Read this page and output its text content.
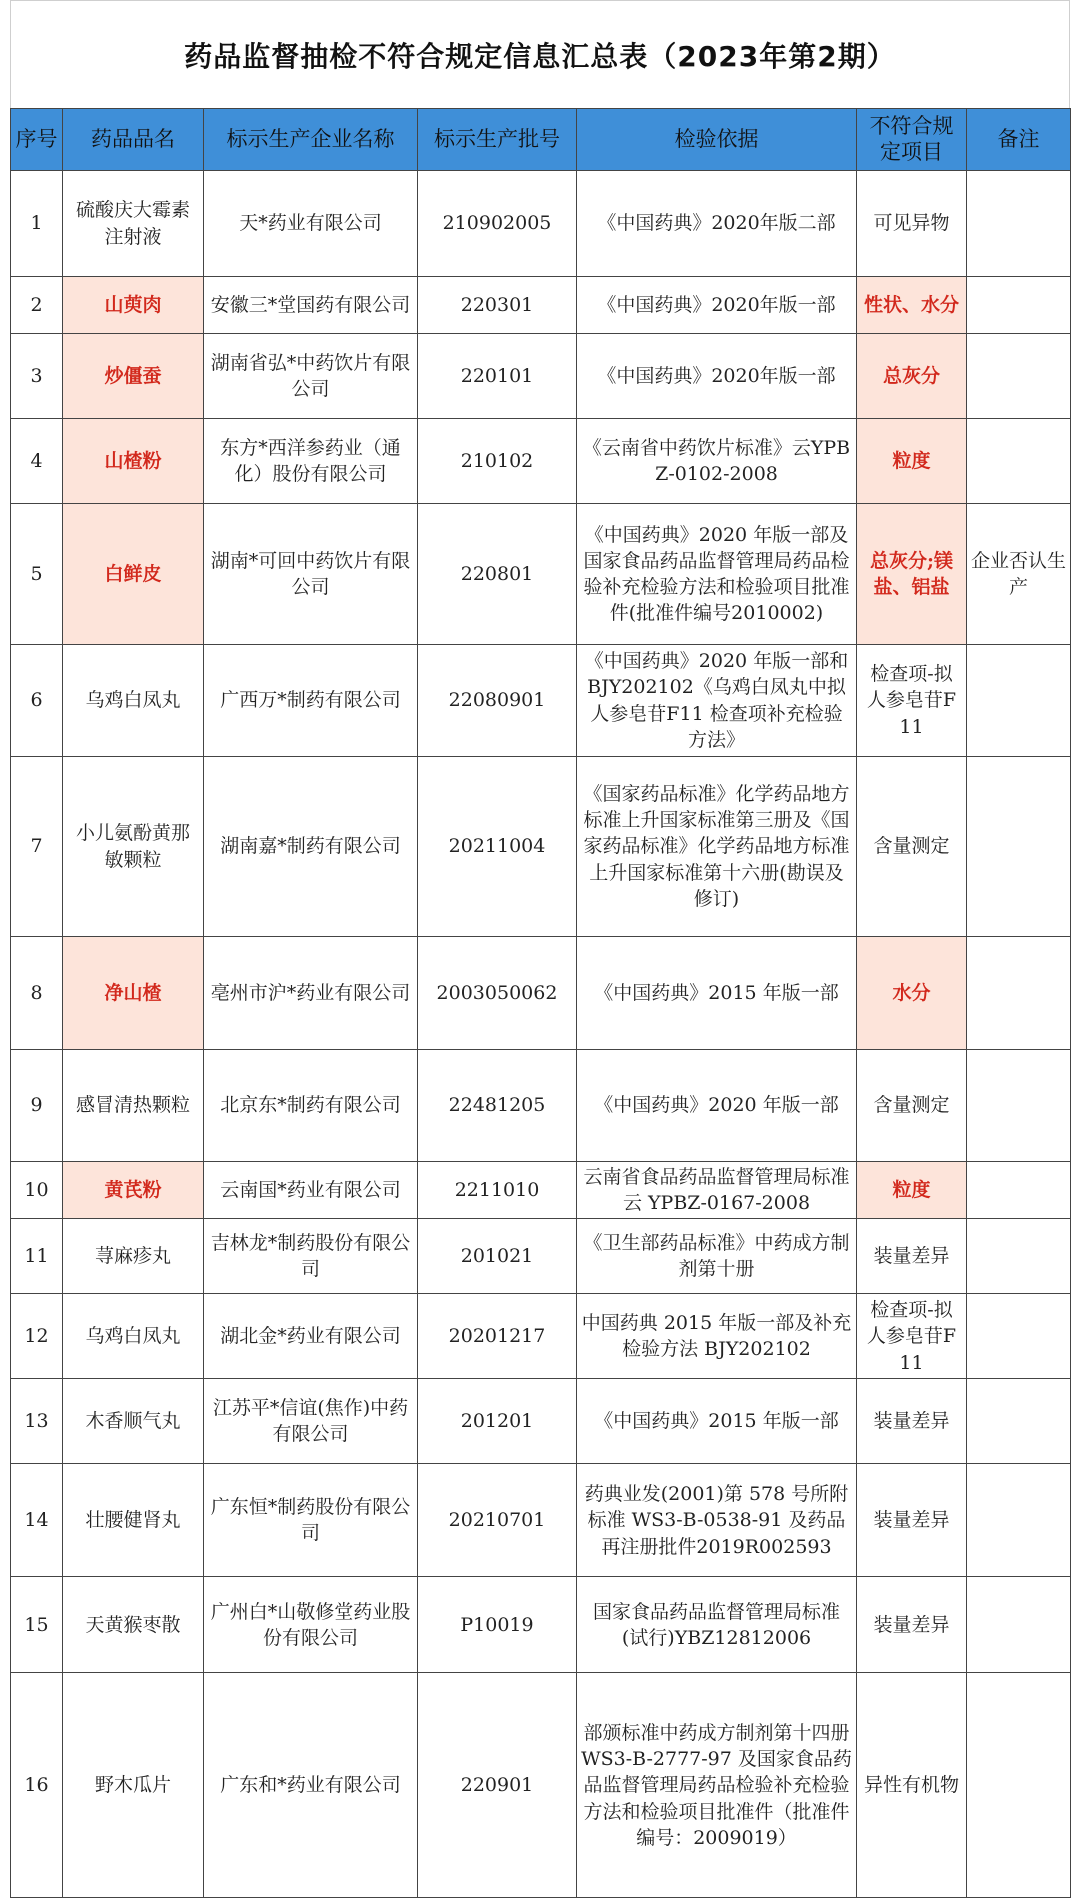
药品监督抽检不符合规定信息汇总表（2023年第2期）
序号	药品品名	标示生产企业名称	标示生产批号	检验依据	不符合规定项目	备注
1	硫酸庆大霉素注射液	天*药业有限公司	210902005	《中国药典》2020年版二部	可见异物	
2	山萸肉	安徽三*堂国药有限公司	220301	《中国药典》2020年版一部	性状、水分	
3	炒僵蚕	湖南省弘*中药饮片有限公司	220101	《中国药典》2020年版一部	总灰分	
4	山楂粉	东方*西洋参药业（通化）股份有限公司	210102	《云南省中药饮片标准》云YPBZ-0102-2008	粒度	
5	白鲜皮	湖南*可回中药饮片有限公司	220801	《中国药典》2020 年版一部及国家食品药品监督管理局药品检验补充检验方法和检验项目批准件(批准件编号2010002)	总灰分;镁盐、铝盐	企业否认生产
6	乌鸡白凤丸	广西万*制药有限公司	22080901	《中国药典》2020 年版一部和 BJY202102《乌鸡白凤丸中拟人参皂苷F11 检查项补充检验方法》	检查项-拟人参皂苷F11	
7	小儿氨酚黄那敏颗粒	湖南嘉*制药有限公司	20211004	《国家药品标准》化学药品地方标准上升国家标准第三册及《国家药品标准》化学药品地方标准上升国家标准第十六册(勘误及修订)	含量测定	
8	净山楂	亳州市沪*药业有限公司	2003050062	《中国药典》2015 年版一部	水分	
9	感冒清热颗粒	北京东*制药有限公司	22481205	《中国药典》2020 年版一部	含量测定	
10	黄芪粉	云南国*药业有限公司	2211010	云南省食品药品监督管理局标准云 YPBZ-0167-2008	粒度	
11	荨麻疹丸	吉林龙*制药股份有限公司	201021	《卫生部药品标准》中药成方制剂第十册	装量差异	
12	乌鸡白凤丸	湖北金*药业有限公司	20201217	中国药典 2015 年版一部及补充检验方法 BJY202102	检查项-拟人参皂苷F11	
13	木香顺气丸	江苏平*信谊(焦作)中药有限公司	201201	《中国药典》2015 年版一部	装量差异	
14	壮腰健肾丸	广东恒*制药股份有限公司	20210701	药典业发(2001)第 578 号所附标准 WS3-B-0538-91 及药品再注册批件2019R002593	装量差异	
15	天黄猴枣散	广州白*山敬修堂药业股份有限公司	P10019	国家食品药品监督管理局标准(试行)YBZ12812006	装量差异	
16	野木瓜片	广东和*药业有限公司	220901	部颁标准中药成方制剂第十四册 WS3-B-2777-97 及国家食品药品监督管理局药品检验补充检验方法和检验项目批准件（批准件编号：2009019）	异性有机物	
